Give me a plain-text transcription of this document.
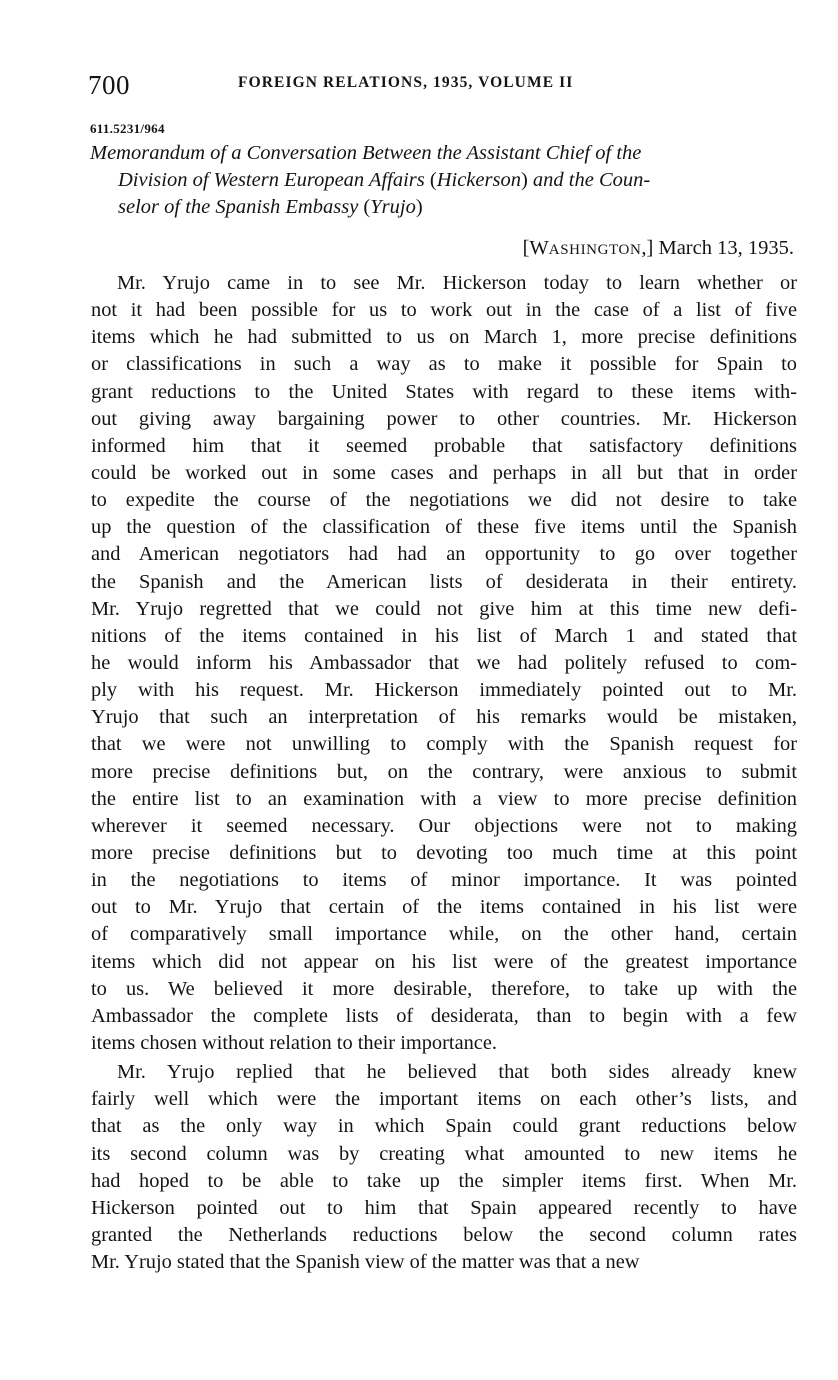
700	FOREIGN RELATIONS, 1935, VOLUME II
611.5231/964
Memorandum of a Conversation Between the Assistant Chief of the
Division of Western European Affairs (Hickerson) and the Coun-
selor of the Spanish Embassy (Yrujo)
[WASHINGTON,] March 13, 1935.
Mr. Yrujo came in to see Mr. Hickerson today to learn whether or
not it had been possible for us to work out in the case of a list of five
items which he had submitted to us on March 1, more precise definitions
or classifications in such a way as to make it possible for Spain to
grant reductions to the United States with regard to these items with-
out giving away bargaining power to other countries. Mr. Hickerson
informed him that it seemed probable that satisfactory definitions
could be worked out in some cases and perhaps in all but that in order
to expedite the course of the negotiations we did not desire to take
up the question of the classification of these five items until the Spanish
and American negotiators had had an opportunity to go over together
the Spanish and the American lists of desiderata in their entirety.
Mr. Yrujo regretted that we could not give him at this time new defi-
nitions of the items contained in his list of March 1 and stated that
he would inform his Ambassador that we had politely refused to com-
ply with his request. Mr. Hickerson immediately pointed out to Mr.
Yrujo that such an interpretation of his remarks would be mistaken,
that we were not unwilling to comply with the Spanish request for
more precise definitions but, on the contrary, were anxious to submit
the entire list to an examination with a view to more precise definition
wherever it seemed necessary. Our objections were not to making
more precise definitions but to devoting too much time at this point
in the negotiations to items of minor importance. It was pointed
out to Mr. Yrujo that certain of the items contained in his list were
of comparatively small importance while, on the other hand, certain
items which did not appear on his list were of the greatest importance
to us. We believed it more desirable, therefore, to take up with the
Ambassador the complete lists of desiderata, than to begin with a few
items chosen without relation to their importance.
Mr. Yrujo replied that he believed that both sides already knew
fairly well which were the important items on each other’s lists, and
that as the only way in which Spain could grant reductions below
its second column was by creating what amounted to new items he
had hoped to be able to take up the simpler items first. When Mr.
Hickerson pointed out to him that Spain appeared recently to have
granted the Netherlands reductions below the second column rates
Mr. Yrujo stated that the Spanish view of the matter was that a new
